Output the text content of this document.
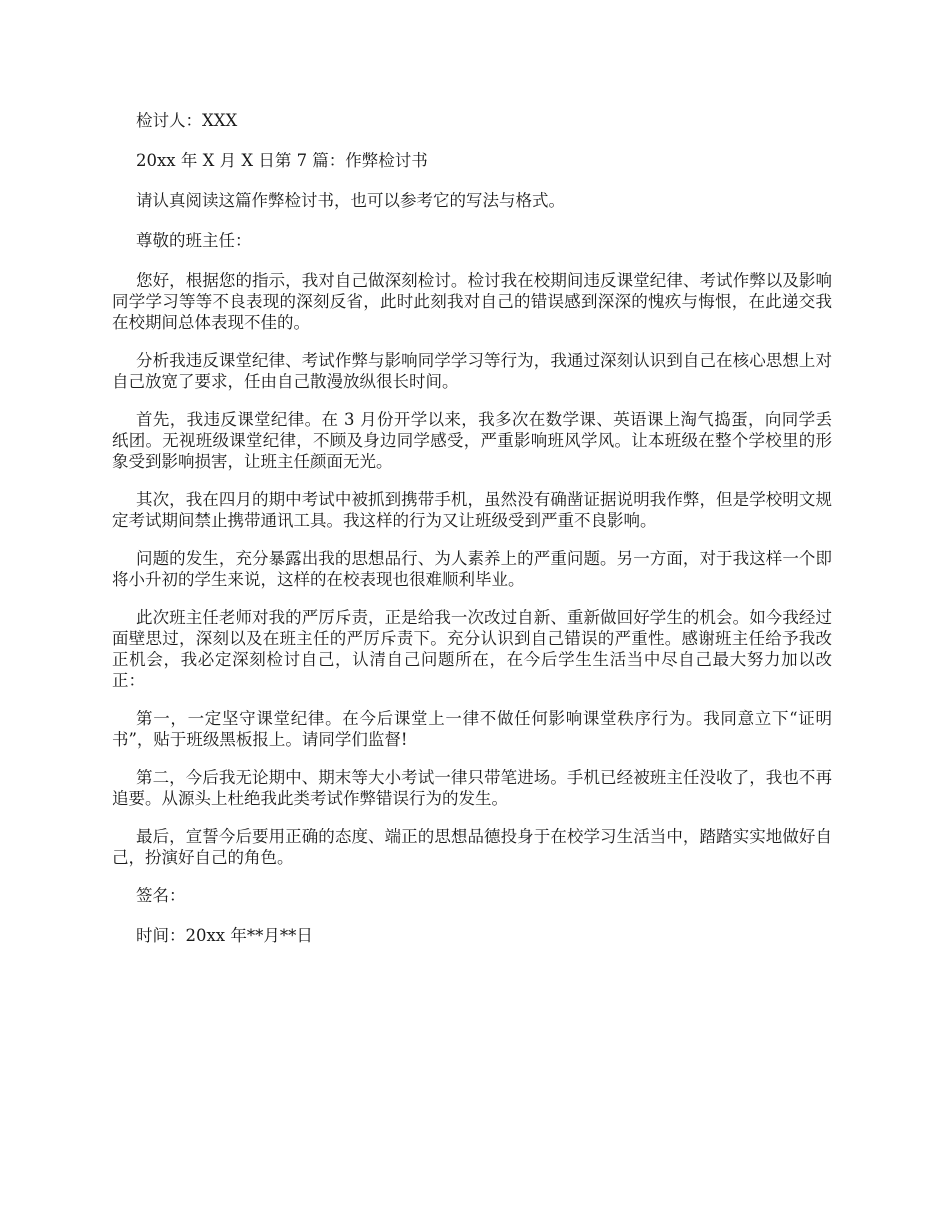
检讨人：XXX

20xx 年 X 月 X 日第 7 篇：作弊检讨书

请认真阅读这篇作弊检讨书，也可以参考它的写法与格式。

尊敬的班主任：

您好，根据您的指示，我对自己做深刻检讨。检讨我在校期间违反课堂纪律、考试作弊以及影响同学学习等等不良表现的深刻反省，此时此刻我对自己的错误感到深深的愧疚与悔恨，在此递交我在校期间总体表现不佳的。

分析我违反课堂纪律、考试作弊与影响同学学习等行为，我通过深刻认识到自己在核心思想上对自己放宽了要求，任由自己散漫放纵很长时间。

首先，我违反课堂纪律。在 3 月份开学以来，我多次在数学课、英语课上淘气捣蛋，向同学丢纸团。无视班级课堂纪律，不顾及身边同学感受，严重影响班风学风。让本班级在整个学校里的形象受到影响损害，让班主任颜面无光。

其次，我在四月的期中考试中被抓到携带手机，虽然没有确凿证据说明我作弊，但是学校明文规定考试期间禁止携带通讯工具。我这样的行为又让班级受到严重不良影响。

问题的发生，充分暴露出我的思想品行、为人素养上的严重问题。另一方面，对于我这样一个即将小升初的学生来说，这样的在校表现也很难顺利毕业。

此次班主任老师对我的严厉斥责，正是给我一次改过自新、重新做回好学生的机会。如今我经过面壁思过，深刻以及在班主任的严厉斥责下。充分认识到自己错误的严重性。感谢班主任给予我改正机会，我必定深刻检讨自己，认清自己问题所在，在今后学生生活当中尽自己最大努力加以改正：

第一，一定坚守课堂纪律。在今后课堂上一律不做任何影响课堂秩序行为。我同意立下“证明书”，贴于班级黑板报上。请同学们监督!

第二，今后我无论期中、期末等大小考试一律只带笔进场。手机已经被班主任没收了，我也不再追要。从源头上杜绝我此类考试作弊错误行为的发生。

最后，宣誓今后要用正确的态度、端正的思想品德投身于在校学习生活当中，踏踏实实地做好自己，扮演好自己的角色。

签名：

时间：20xx 年**月**日
